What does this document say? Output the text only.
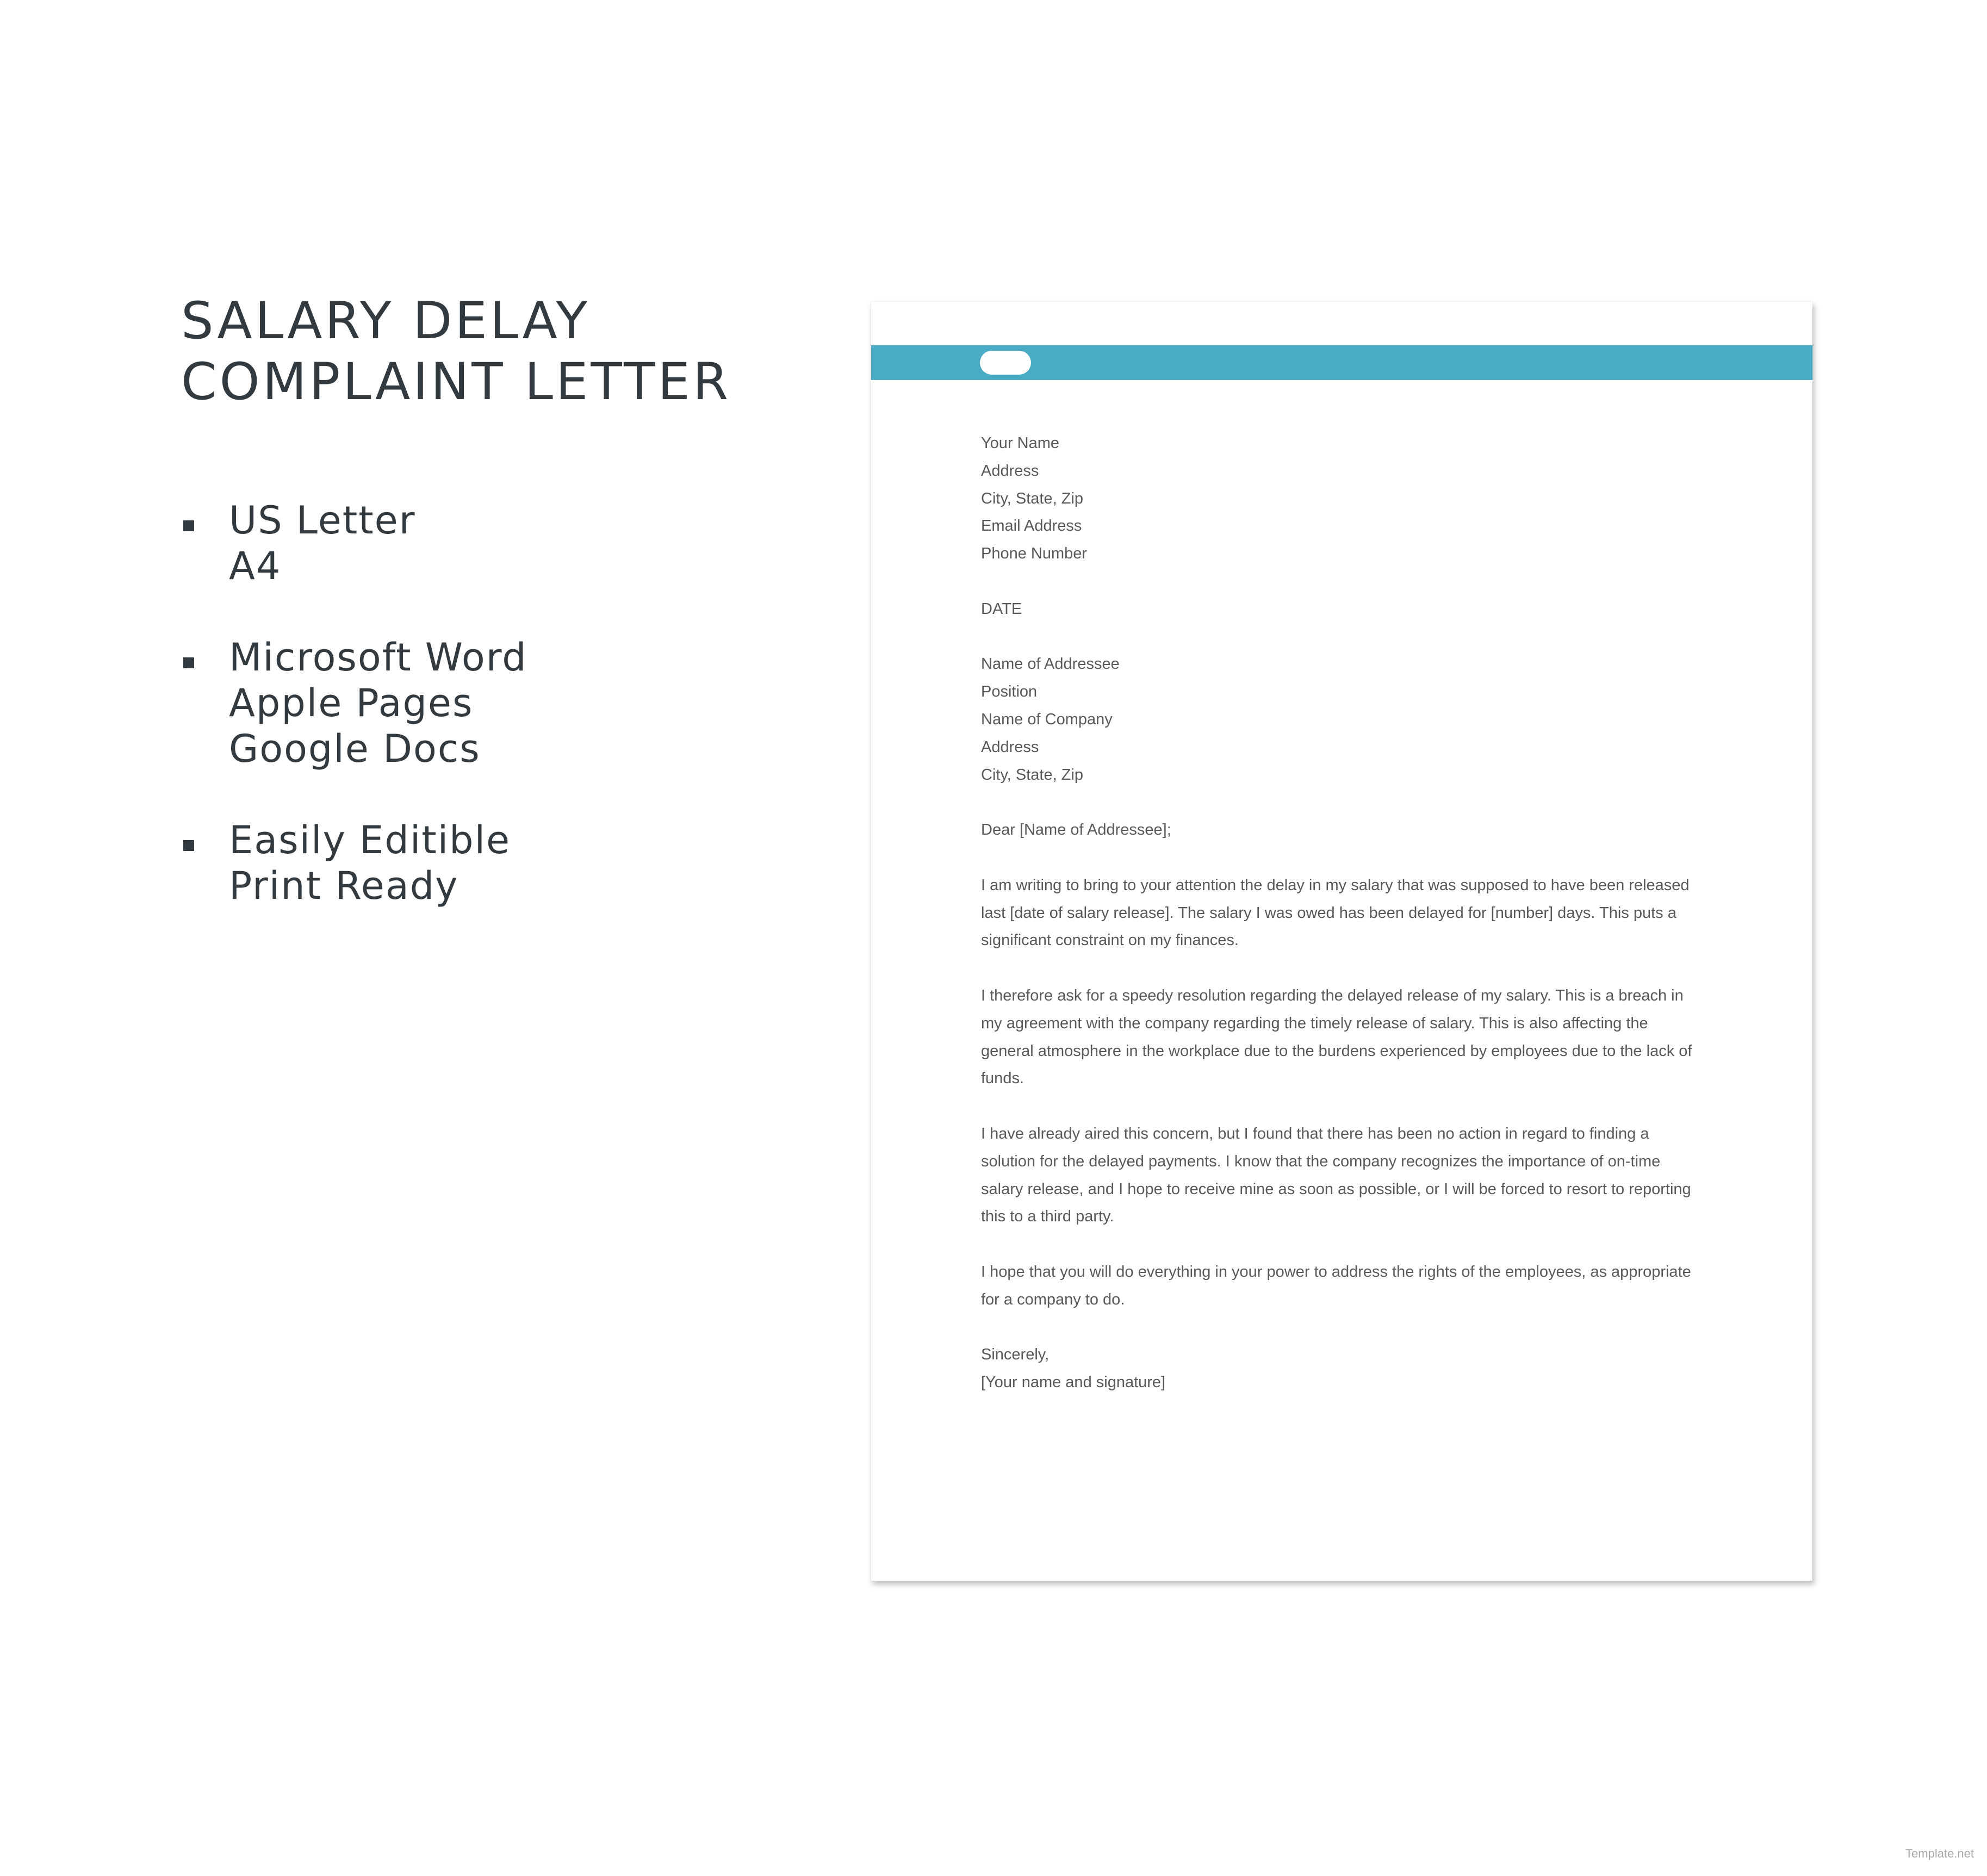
SALARY DELAY
COMPLAINT LETTER
US Letter
A4
Microsoft Word
Apple Pages
Google Docs
Easily Editible
Print Ready

Your Name

Address

City, State, Zip

Email Address

Phone Number

DATE

Name of Addressee

Position

Name of Company

Address

City, State, Zip

Dear [Name of Addressee];

I am writing to bring to your attention the delay in my salary that was supposed to have been released last [date of salary release]. The salary I was owed has been delayed for [number] days. This puts a significant constraint on my finances.

I therefore ask for a speedy resolution regarding the delayed release of my salary. This is a breach in my agreement with the company regarding the timely release of salary. This is also affecting the general atmosphere in the workplace due to the burdens experienced by employees due to the lack of funds.

I have already aired this concern, but I found that there has been no action in regard to finding a solution for the delayed payments. I know that the company recognizes the importance of on-time salary release, and I hope to receive mine as soon as possible, or I will be forced to resort to reporting this to a third party.

I hope that you will do everything in your power to address the rights of the employees, as appropriate for a company to do.

Sincerely,

[Your name and signature]

Template.net
